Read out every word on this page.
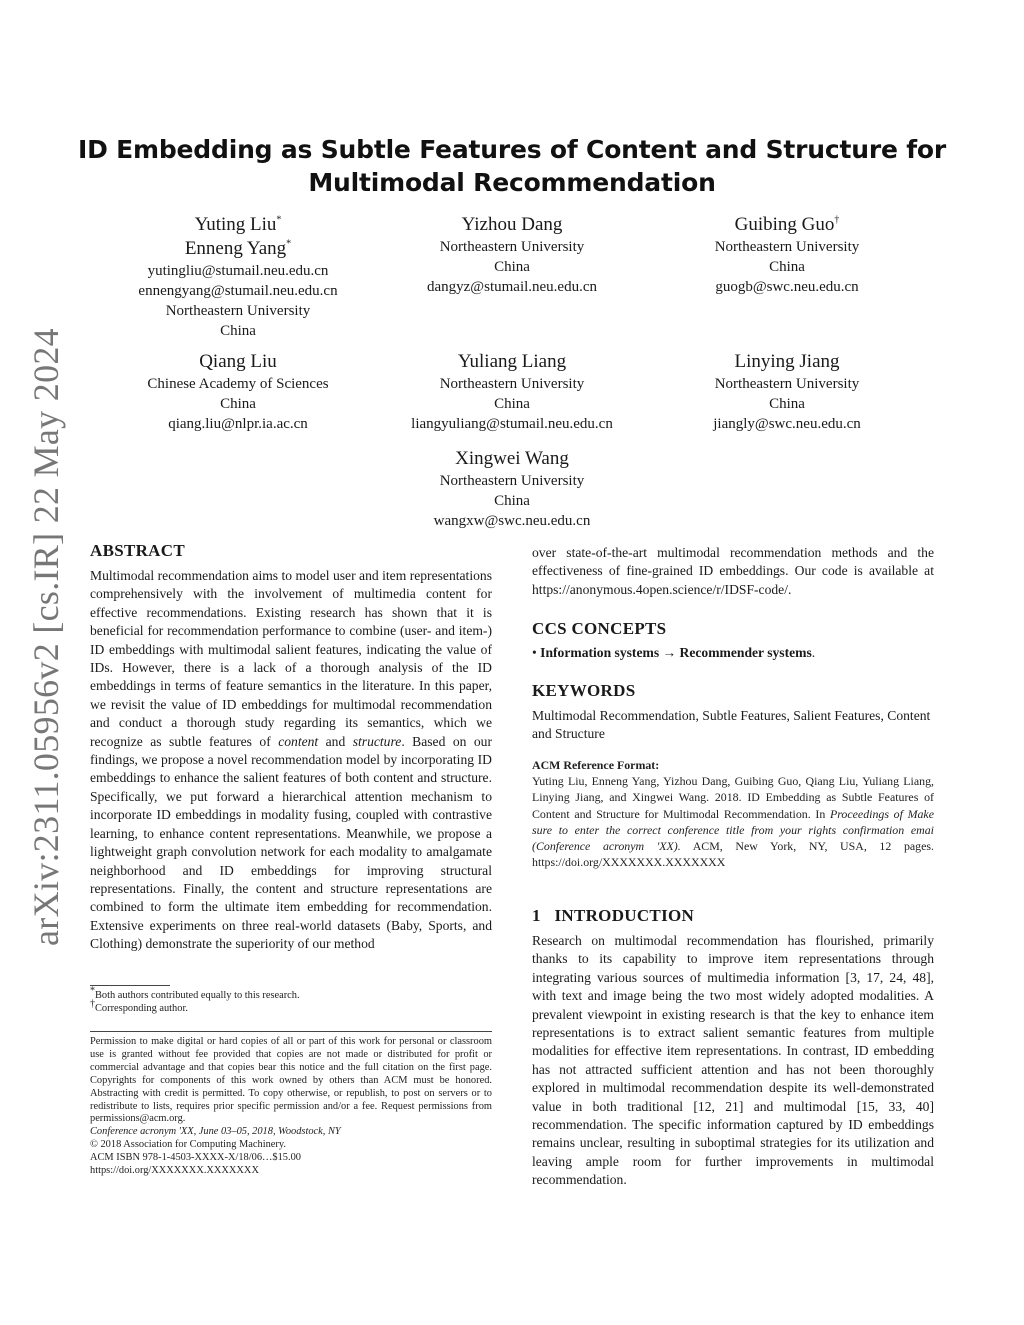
arXiv:2311.05956v2 [cs.IR] 22 May 2024
ID Embedding as Subtle Features of Content and Structure for
Multimodal Recommendation
Yuting Liu*
Enneng Yang*
yutingliu@stumail.neu.edu.cn
ennengyang@stumail.neu.edu.cn
Northeastern University
China
Yizhou Dang
Northeastern University
China
dangyz@stumail.neu.edu.cn
Guibing Guo†
Northeastern University
China
guogb@swc.neu.edu.cn
Qiang Liu
Chinese Academy of Sciences
China
qiang.liu@nlpr.ia.ac.cn
Yuliang Liang
Northeastern University
China
liangyuliang@stumail.neu.edu.cn
Linying Jiang
Northeastern University
China
jiangly@swc.neu.edu.cn
Xingwei Wang
Northeastern University
China
wangxw@swc.neu.edu.cn
ABSTRACT

Multimodal recommendation aims to model user and item representations comprehensively with the involvement of multimedia content for effective recommendations. Existing research has shown that it is beneficial for recommendation performance to combine (user- and item-) ID embeddings with multimodal salient features, indicating the value of IDs. However, there is a lack of a thorough analysis of the ID embeddings in terms of feature semantics in the literature. In this paper, we revisit the value of ID embeddings for multimodal recommendation and conduct a thorough study regarding its semantics, which we recognize as subtle features of content and structure. Based on our findings, we propose a novel recommendation model by incorporating ID embeddings to enhance the salient features of both content and structure. Specifically, we put forward a hierarchical attention mechanism to incorporate ID embeddings in modality fusing, coupled with contrastive learning, to enhance content representations. Meanwhile, we propose a lightweight graph convolution network for each modality to amalgamate neighborhood and ID embeddings for improving structural representations. Finally, the content and structure representations are combined to form the ultimate item embedding for recommendation. Extensive experiments on three real-world datasets (Baby, Sports, and Clothing) demonstrate the superiority of our method

*Both authors contributed equally to this research.
†Corresponding author.
Permission to make digital or hard copies of all or part of this work for personal or classroom use is granted without fee provided that copies are not made or distributed for profit or commercial advantage and that copies bear this notice and the full citation on the first page. Copyrights for components of this work owned by others than ACM must be honored. Abstracting with credit is permitted. To copy otherwise, or republish, to post on servers or to redistribute to lists, requires prior specific permission and/or a fee. Request permissions from permissions@acm.org.
Conference acronym 'XX, June 03–05, 2018, Woodstock, NY
© 2018 Association for Computing Machinery.
ACM ISBN 978-1-4503-XXXX-X/18/06…$15.00
https://doi.org/XXXXXXX.XXXXXXX
over state-of-the-art multimodal recommendation methods and the effectiveness of fine-grained ID embeddings. Our code is available at https://anonymous.4open.science/r/IDSF-code/.
CCS CONCEPTS
• Information systems → Recommender systems.
KEYWORDS
Multimodal Recommendation, Subtle Features, Salient Features, Content and Structure
ACM Reference Format:
Yuting Liu, Enneng Yang, Yizhou Dang, Guibing Guo, Qiang Liu, Yuliang Liang, Linying Jiang, and Xingwei Wang. 2018. ID Embedding as Subtle Features of Content and Structure for Multimodal Recommendation. In Proceedings of Make sure to enter the correct conference title from your rights confirmation emai (Conference acronym 'XX). ACM, New York, NY, USA, 12 pages. https://doi.org/XXXXXXX.XXXXXXX
1 INTRODUCTION
Research on multimodal recommendation has flourished, primarily thanks to its capability to improve item representations through integrating various sources of multimedia information [3, 17, 24, 48], with text and image being the two most widely adopted modalities. A prevalent viewpoint in existing research is that the key to enhance item representations is to extract salient semantic features from multiple modalities for effective item representations. In contrast, ID embedding has not attracted sufficient attention and has not been thoroughly explored in multimodal recommendation despite its well-demonstrated value in both traditional [12, 21] and multimodal [15, 33, 40] recommendation. The specific information captured by ID embeddings remains unclear, resulting in suboptimal strategies for its utilization and leaving ample room for further improvements in multimodal recommendation.
